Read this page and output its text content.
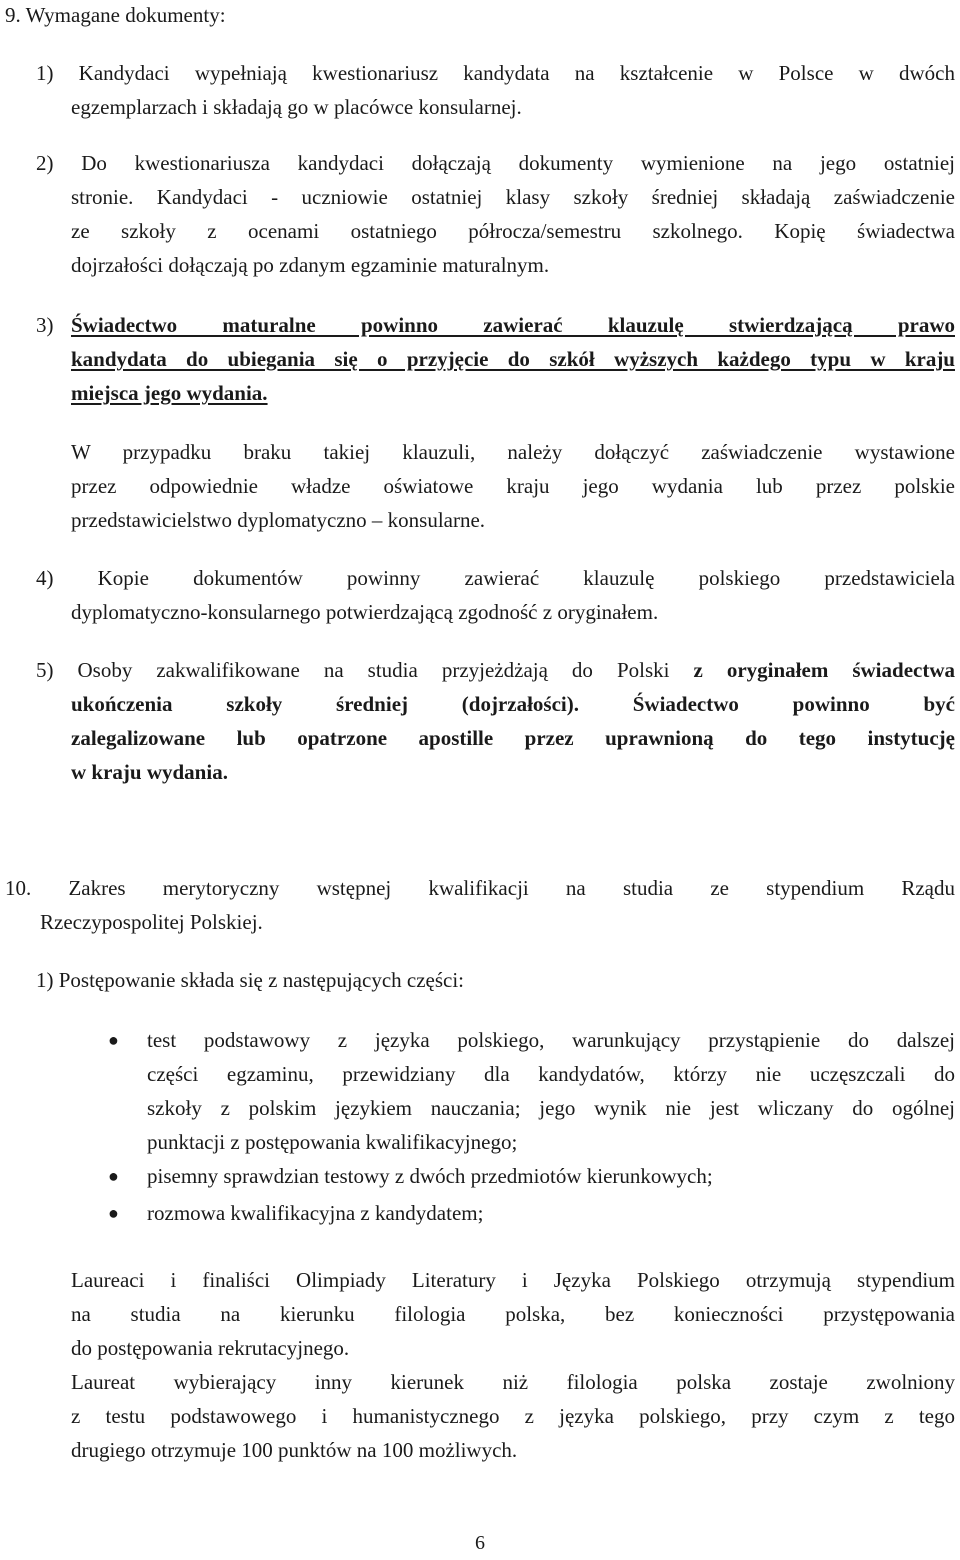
9. Wymagane dokumenty:
1) Kandydaci wypełniają kwestionariusz kandydata na kształcenie w Polsce w dwóch
egzemplarzach i składają go w placówce konsularnej.
2) Do kwestionariusza kandydaci dołączają dokumenty wymienione na jego ostatniej
stronie. Kandydaci - uczniowie ostatniej klasy szkoły średniej składają zaświadczenie
ze szkoły z ocenami ostatniego półrocza/semestru szkolnego. Kopię świadectwa
dojrzałości dołączają po zdanym egzaminie maturalnym.
3) Świadectwo maturalne powinno zawierać klauzulę stwierdzającą prawo
kandydata do ubiegania się o przyjęcie do szkół wyższych każdego typu w kraju
miejsca jego wydania.
W przypadku braku takiej klauzuli, należy dołączyć zaświadczenie wystawione
przez odpowiednie władze oświatowe kraju jego wydania lub przez polskie
przedstawicielstwo dyplomatyczno – konsularne.
4) Kopie dokumentów powinny zawierać klauzulę polskiego przedstawiciela
dyplomatyczno-konsularnego potwierdzającą zgodność z oryginałem.
5) Osoby zakwalifikowane na studia przyjeżdżają do Polski z oryginałem świadectwa
ukończenia szkoły średniej (dojrzałości). Świadectwo powinno być
zalegalizowane lub opatrzone apostille przez uprawnioną do tego instytucję
w kraju wydania.
10. Zakres merytoryczny wstępnej kwalifikacji na studia ze stypendium Rządu
Rzeczypospolitej Polskiej.
1) Postępowanie składa się z następujących części:
● test podstawowy z języka polskiego, warunkujący przystąpienie do dalszej
części egzaminu, przewidziany dla kandydatów, którzy nie uczęszczali do
szkoły z polskim językiem nauczania; jego wynik nie jest wliczany do ogólnej
punktacji z postępowania kwalifikacyjnego;
● pisemny sprawdzian testowy z dwóch przedmiotów kierunkowych;
● rozmowa kwalifikacyjna z kandydatem;
Laureaci i finaliści Olimpiady Literatury i Języka Polskiego otrzymują stypendium
na studia na kierunku filologia polska, bez konieczności przystępowania
do postępowania rekrutacyjnego.
Laureat wybierający inny kierunek niż filologia polska zostaje zwolniony
z testu podstawowego i humanistycznego z języka polskiego, przy czym z tego
drugiego otrzymuje 100 punktów na 100 możliwych.
6
